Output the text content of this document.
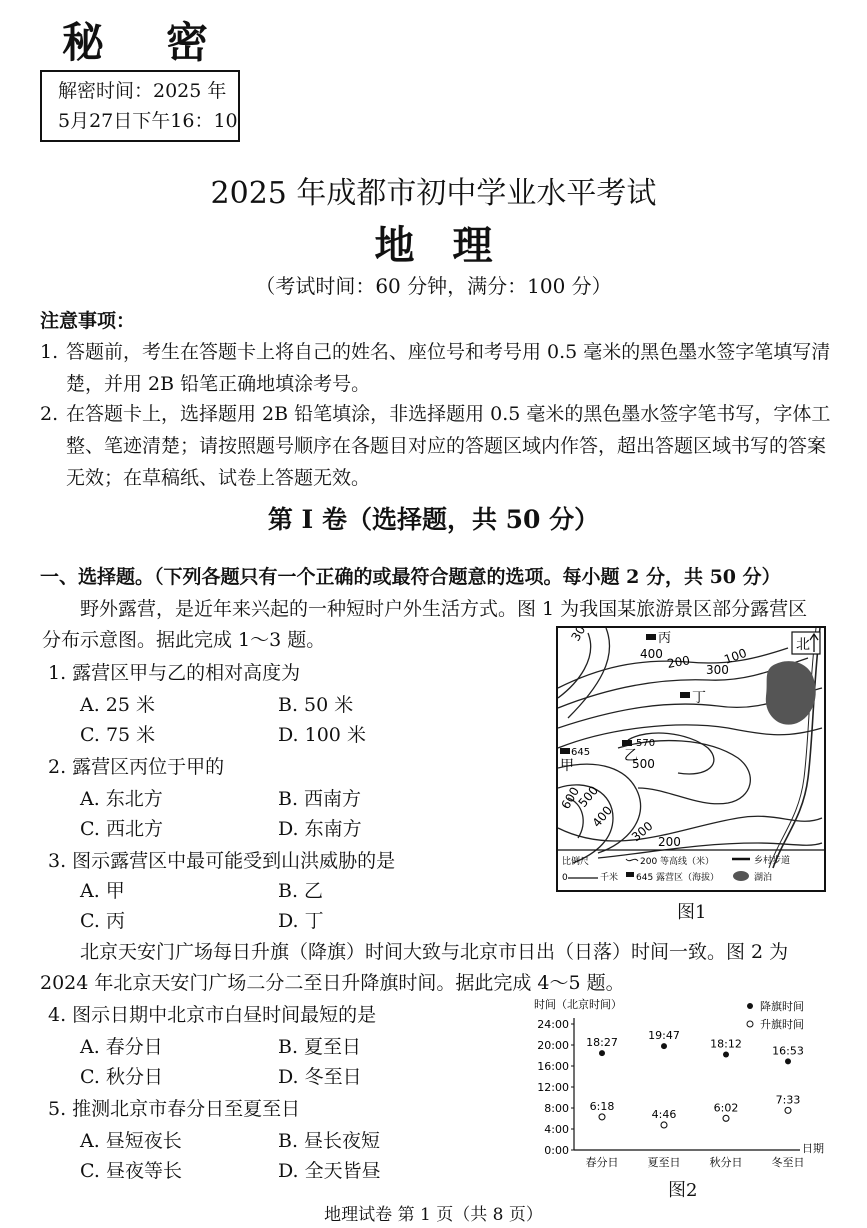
秘密
解密时间：2025 年
5月27日下午16：10
2025 年成都市初中学业水平考试
地理
（考试时间：60 分钟，满分：100 分）
注意事项：
1. 答题前，考生在答题卡上将自己的姓名、座位号和考号用 0.5 毫米的黑色墨水签字笔填写清楚，并用 2B 铅笔正确地填涂考号。
2. 在答题卡上，选择题用 2B 铅笔填涂，非选择题用 0.5 毫米的黑色墨水签字笔书写，字体工整、笔迹清楚；请按照题号顺序在各题目对应的答题区域内作答，超出答题区域书写的答案无效；在草稿纸、试卷上答题无效。
第 I 卷（选择题，共 50 分）
一、选择题。（下列各题只有一个正确的或最符合题意的选项。每小题 2 分，共 50 分）
野外露营，是近年来兴起的一种短时户外生活方式。图 1 为我国某旅游景区部分露营区
分布示意图。据此完成 1～3 题。
1. 露营区甲与乙的相对高度为
A. 25 米	B. 50 米
C. 75 米	D. 100 米
2. 露营区丙位于甲的
A. 东北方	B. 西南方
C. 西北方	D. 东南方
3. 图示露营区中最可能受到山洪威胁的是
A. 甲	B. 乙
C. 丙	D. 丁
北
300
400 200	100
300
500
600
500
400
300 200
丙
丁
570
乙
645
甲
比例尺
0	千米
200 等高线（米）
645 露营区（海拔）
乡村步道
湖泊
图1
北京天安门广场每日升旗（降旗）时间大致与北京市日出（日落）时间一致。图 2 为
2024 年北京天安门广场二分二至日升降旗时间。据此完成 4～5 题。
4. 图示日期中北京市白昼时间最短的是
A. 春分日	B. 夏至日
C. 秋分日	D. 冬至日
5. 推测北京市春分日至夏至日
A. 昼短夜长	B. 昼长夜短
C. 昼夜等长	D. 全天皆昼
时间（北京时间）
24:00
20:00
16:00
12:00
8:00
4:00
0:00
春分日	夏至日	秋分日	冬至日
日期
18:27
19:47
18:12
16:53
6:18
4:46
6:02
7:33
降旗时间
升旗时间
图2
地理试卷 第 1 页（共 8 页）
